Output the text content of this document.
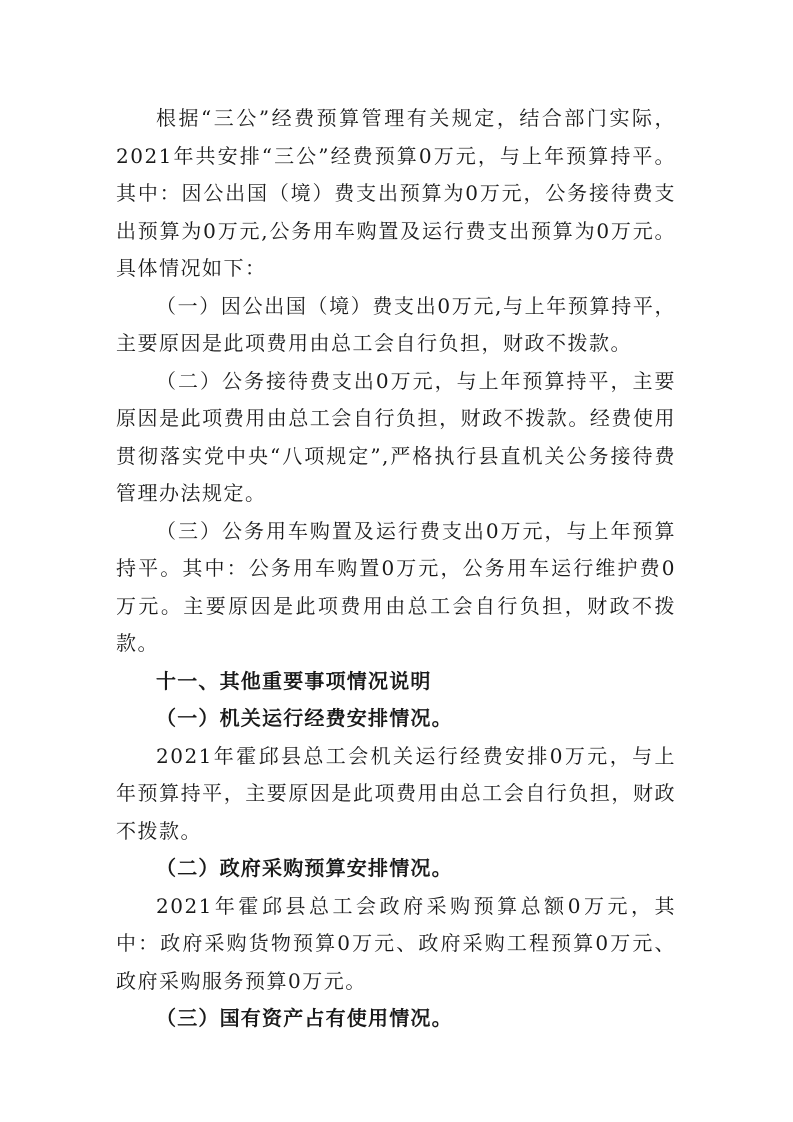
根据“三公”经费预算管理有关规定，结合部门实际，2021年共安排“三公”经费预算0万元，与上年预算持平。其中：因公出国（境）费支出预算为0万元，公务接待费支出预算为0万元,公务用车购置及运行费支出预算为0万元。具体情况如下：

（一）因公出国（境）费支出0万元,与上年预算持平，主要原因是此项费用由总工会自行负担，财政不拨款。

（二）公务接待费支出0万元，与上年预算持平，主要原因是此项费用由总工会自行负担，财政不拨款。经费使用贯彻落实党中央“八项规定”,严格执行县直机关公务接待费管理办法规定。

（三）公务用车购置及运行费支出0万元，与上年预算持平。其中：公务用车购置0万元，公务用车运行维护费0万元。主要原因是此项费用由总工会自行负担，财政不拨款。

十一、其他重要事项情况说明

（一）机关运行经费安排情况。

2021年霍邱县总工会机关运行经费安排0万元，与上年预算持平，主要原因是此项费用由总工会自行负担，财政不拨款。

（二）政府采购预算安排情况。

2021年霍邱县总工会政府采购预算总额0万元，其中：政府采购货物预算0万元、政府采购工程预算0万元、政府采购服务预算0万元。

（三）国有资产占有使用情况。
